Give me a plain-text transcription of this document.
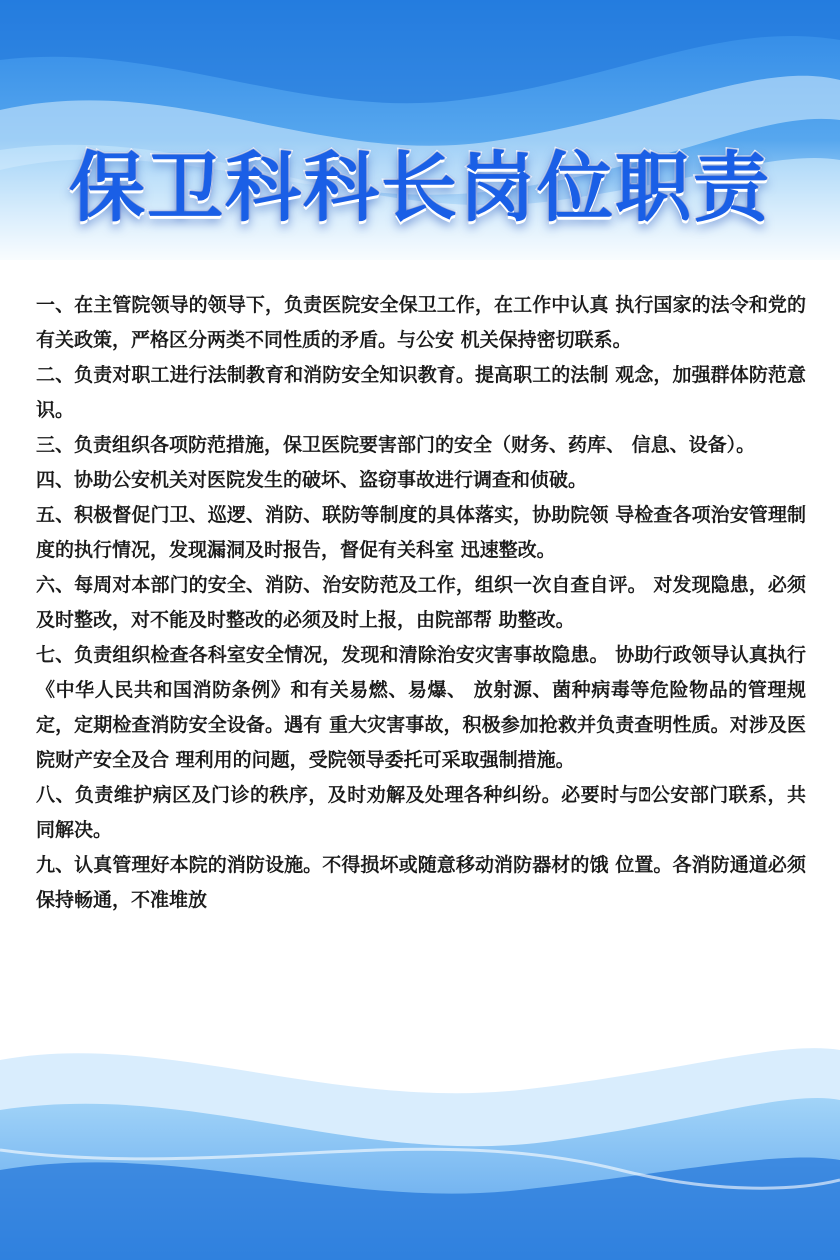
保卫科科长岗位职责

一、在主管院领导的领导下，负责医院安全保卫工作，在工作中认真 执行国家的法令和党的有关政策，严格区分两类不同性质的矛盾。与公安 机关保持密切联系。

二、负责对职工进行法制教育和消防安全知识教育。提高职工的法制 观念，加强群体防范意识。

三、负责组织各项防范措施，保卫医院要害部门的安全（财务、药库、 信息、设备）。

四、协助公安机关对医院发生的破坏、盗窃事故进行调查和侦破。

五、积极督促门卫、巡逻、消防、联防等制度的具体落实，协助院领 导检查各项治安管理制度的执行情况，发现漏洞及时报告，督促有关科室 迅速整改。

六、每周对本部门的安全、消防、治安防范及工作，组织一次自查自评。 对发现隐患，必须及时整改，对不能及时整改的必须及时上报，由院部帮 助整改。

七、负责组织检查各科室安全情况，发现和清除治安灾害事故隐患。 协助行政领导认真执行《中华人民共和国消防条例》和有关易燃、易爆、 放射源、菌种病毒等危险物品的管理规定，定期检查消防安全设备。遇有 重大灾害事故，积极参加抢救并负责查明性质。对涉及医院财产安全及合 理利用的问题，受院领导委托可采取强制措施。

八、负责维护病区及门诊的秩序，及时劝解及处理各种纠纷。必要时与⍰公安部门联系，共同解决。

九、认真管理好本院的消防设施。不得损坏或随意移动消防器材的饿 位置。各消防通道必须保持畅通，不准堆放
